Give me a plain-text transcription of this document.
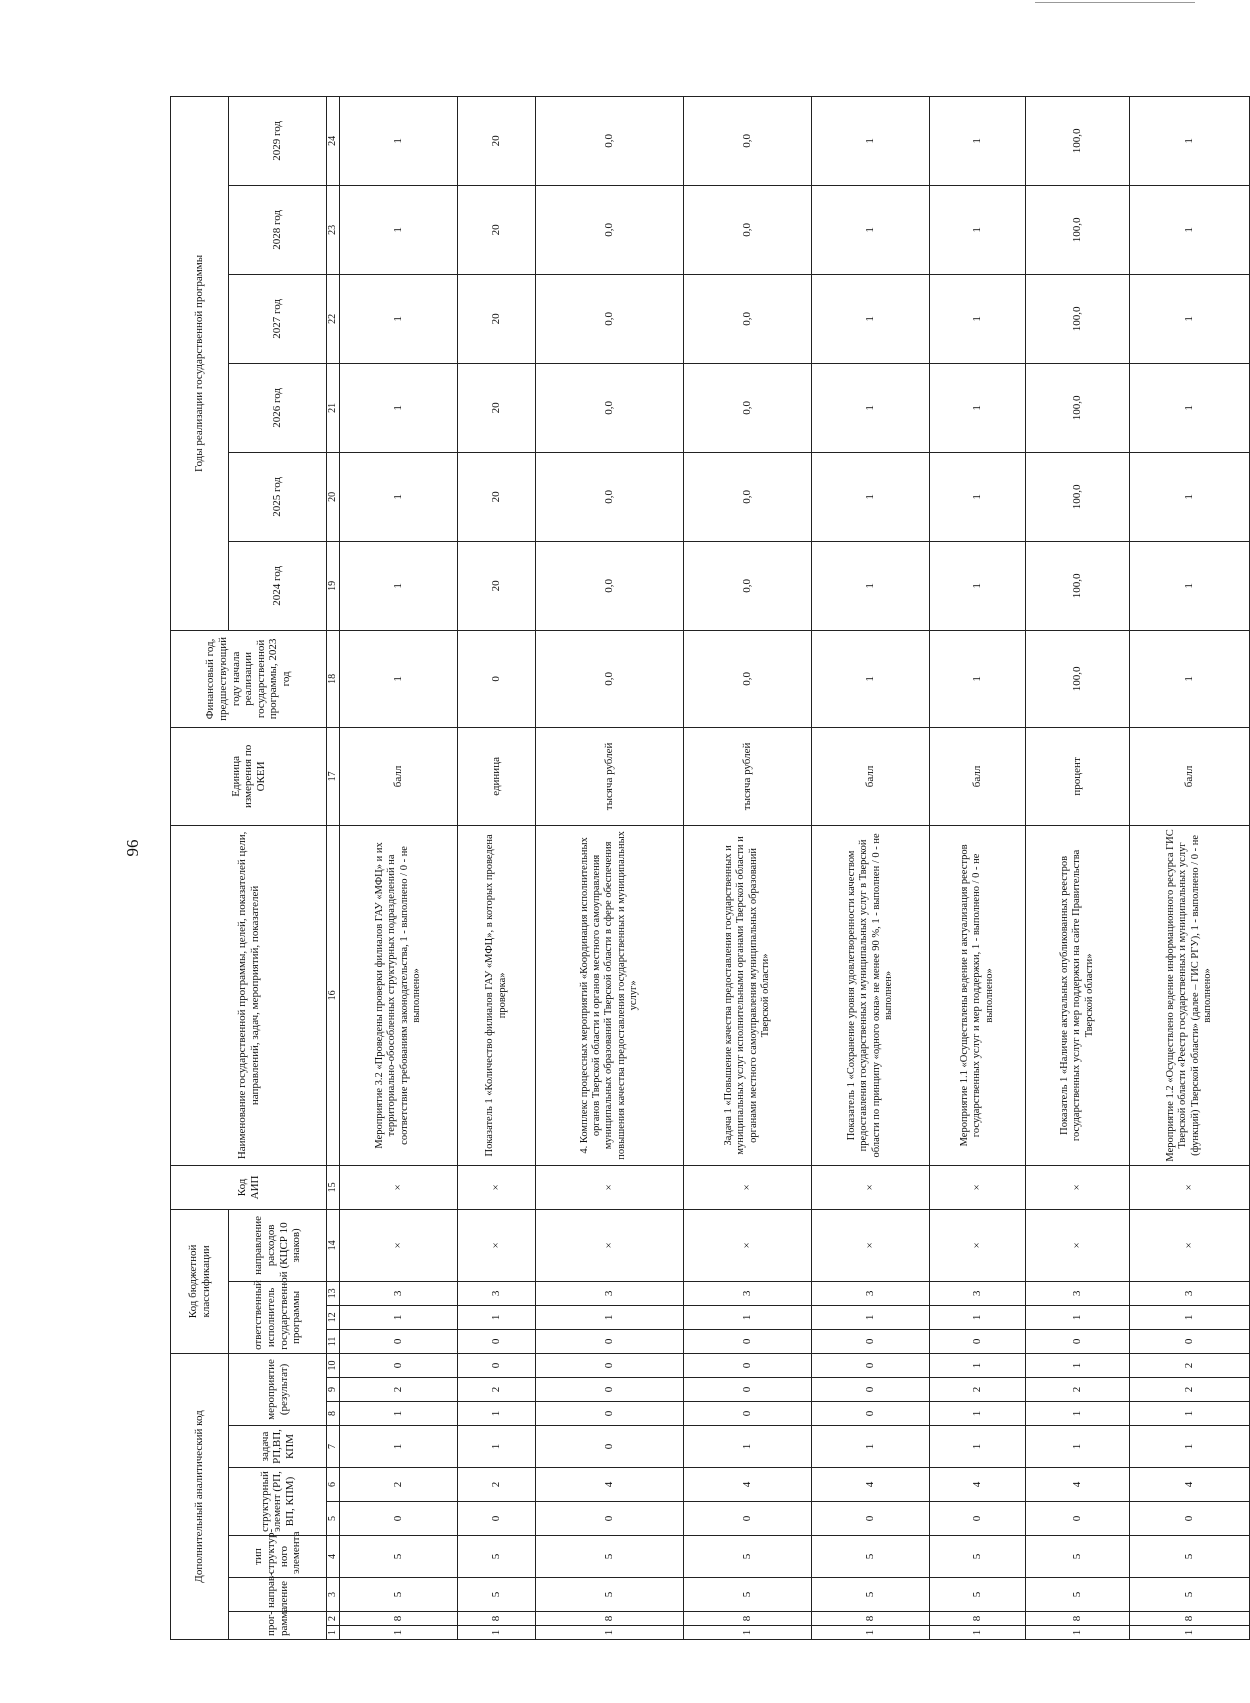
96
Дополнительный аналитический код										Код бюджетной классификации				Код АИП	Наименование государственной программы, целей, показателей цели, направлений, задач, мероприятий, показателей	Единица измерения по ОКЕИ	Финансовый год, предшествующий году начала реализации государственной программы, 2023 год	Годы реализации государственной программы					
прог-рамма		направ-ление	тип структур-ного элемента	структурный элемент (РП, ВП, КПМ)		задача РП,ВП, КПМ	мероприятие (результат)			ответственный исполнитель государственной программы			направление расходов (КЦСР 10 знаков)					2024 год	2025 год	2026 год	2027 год	2028 год	2029 год
1	2	3	4	5	6	7	8	9	10	11	12	13	14	15	16	17	18	19	20	21	22	23	24
1	8	5	5	0	2	1	1	2	0	0	1	3	×	×	Мероприятие 3.2 «Проведены проверки филиалов ГАУ «МФЦ» и их территориально-обособленных структурных подразделений на соответствие требованиям законодательства, 1 - выполнено / 0 - не выполнено»	балл	1	1	1	1	1	1	1
1	8	5	5	0	2	1	1	2	0	0	1	3	×	×	Показатель 1 «Количество филиалов ГАУ «МФЦ», в которых проведена проверка»	единица	0	20	20	20	20	20	20
1	8	5	5	0	4	0	0	0	0	0	1	3	×	×	4. Комплекс процессных мероприятий «Координация исполнительных органов Тверской области и органов местного самоуправления муниципальных образований Тверской области в сфере обеспечения повышения качества предоставления государственных и муниципальных услуг»	тысяча рублей	0,0	0,0	0,0	0,0	0,0	0,0	0,0
1	8	5	5	0	4	1	0	0	0	0	1	3	×	×	Задача 1 «Повышение качества предоставления государственных и муниципальных услуг исполнительными органами Тверской области и органами местного самоуправления муниципальных образований Тверской области»	тысяча рублей	0,0	0,0	0,0	0,0	0,0	0,0	0,0
1	8	5	5	0	4	1	0	0	0	0	1	3	×	×	Показатель 1 «Сохранение уровня удовлетворенности качеством предоставления государственных и муниципальных услуг в Тверской области по принципу «одного окна» не менее 90 %, 1 - выполнен / 0 - не выполнен»	балл	1	1	1	1	1	1	1
1	8	5	5	0	4	1	1	2	1	0	1	3	×	×	Мероприятие 1.1 «Осуществлены ведение и актуализация реестров государственных услуг и мер поддержки, 1 - выполнено / 0 - не выполнено»	балл	1	1	1	1	1	1	1
1	8	5	5	0	4	1	1	2	1	0	1	3	×	×	Показатель 1 «Наличие актуальных опубликованных реестров государственных услуг и мер поддержки на сайте Правительства Тверской области»	процент	100,0	100,0	100,0	100,0	100,0	100,0	100,0
1	8	5	5	0	4	1	1	2	2	0	1	3	×	×	Мероприятие 1.2 «Осуществлено ведение информационного ресурса ГИС Тверской области «Реестр государственных и муниципальных услуг (функций) Тверской области» (далее – ГИС РГУ), 1 - выполнено / 0 - не выполнено»	балл	1	1	1	1	1	1	1
